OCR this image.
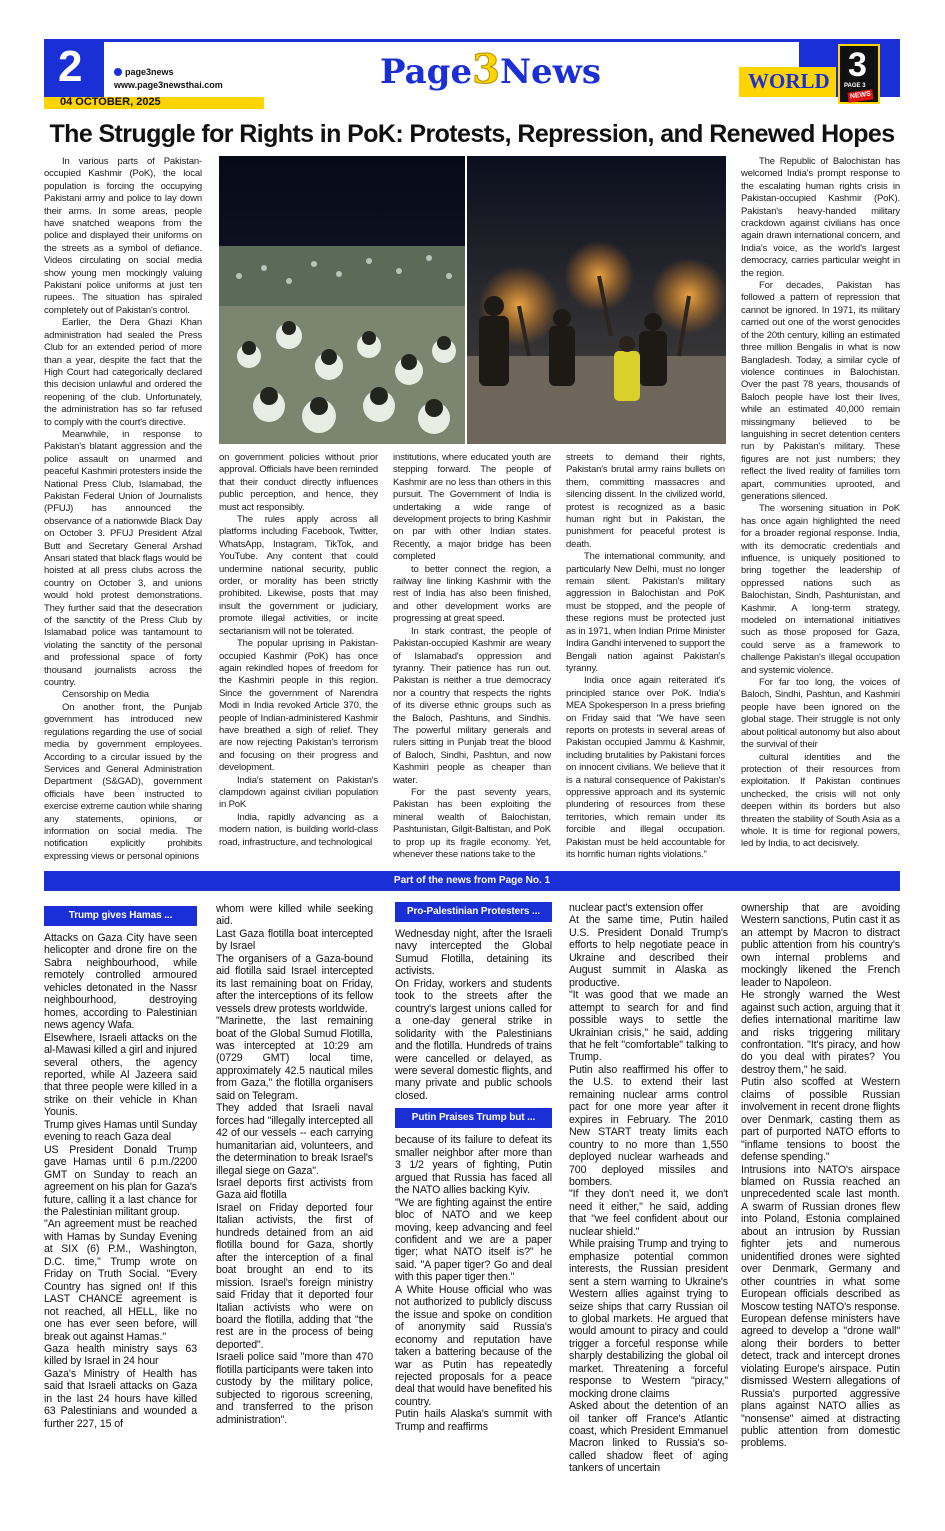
2
04 OCTOBER, 2025
page3news
www.page3newsthai.com	Page3News	WORLD 3
PAGE 3
NEWS
The Struggle for Rights in PoK: Protests, Repression, and Renewed Hopes

In various parts of Pakistan-occupied Kashmir (PoK), the local population is forcing the occupying Pakistani army and police to lay down their arms. In some areas, people have snatched weapons from the police and displayed their uniforms on the streets as a symbol of defiance. Videos circulating on social media show young men mockingly valuing Pakistani police uniforms at just ten rupees. The situation has spiraled completely out of Pakistan's control.

Earlier, the Dera Ghazi Khan administration had sealed the Press Club for an extended period of more than a year, despite the fact that the High Court had categorically declared this decision unlawful and ordered the reopening of the club. Unfortunately, the administration has so far refused to comply with the court's directive.

Meanwhile, in response to Pakistan's blatant aggression and the police assault on unarmed and peaceful Kashmiri protesters inside the National Press Club, Islamabad, the Pakistan Federal Union of Journalists (PFUJ) has announced the observance of a nationwide Black Day on October 3. PFUJ President Afzal Butt and Secretary General Arshad Ansari stated that black flags would be hoisted at all press clubs across the country on October 3, and unions would hold protest demonstrations. They further said that the desecration of the sanctity of the Press Club by Islamabad police was tantamount to violating the sanctity of the personal and professional space of forty thousand journalists across the country.

Censorship on Media

On another front, the Punjab government has introduced new regulations regarding the use of social media by government employees. According to a circular issued by the Services and General Administration Department (S&GAD), government officials have been instructed to exercise extreme caution while sharing any statements, opinions, or information on social media. The notification explicitly prohibits expressing views or personal opinions

on government policies without prior approval. Officials have been reminded that their conduct directly influences public perception, and hence, they must act responsibly.

The rules apply across all platforms including Facebook, Twitter, WhatsApp, Instagram, TikTok, and YouTube. Any content that could undermine national security, public order, or morality has been strictly prohibited. Likewise, posts that may insult the government or judiciary, promote illegal activities, or incite sectarianism will not be tolerated.

The popular uprising in Pakistan-occupied Kashmir (PoK) has once again rekindled hopes of freedom for the Kashmiri people in this region. Since the government of Narendra Modi in India revoked Article 370, the people of Indian-administered Kashmir have breathed a sigh of relief. They are now rejecting Pakistan's terrorism and focusing on their progress and development.

India's statement on Pakistan's clampdown against civilian population in PoK

India, rapidly advancing as a modern nation, is building world-class road, infrastructure, and technological

institutions, where educated youth are stepping forward. The people of Kashmir are no less than others in this pursuit. The Government of India is undertaking a wide range of development projects to bring Kashmir on par with other Indian states. Recently, a major bridge has been completed

to better connect the region, a railway line linking Kashmir with the rest of India has also been finished, and other development works are progressing at great speed.

In stark contrast, the people of Pakistan-occupied Kashmir are weary of Islamabad's oppression and tyranny. Their patience has run out. Pakistan is neither a true democracy nor a country that respects the rights of its diverse ethnic groups such as the Baloch, Pashtuns, and Sindhis. The powerful military generals and rulers sitting in Punjab treat the blood of Baloch, Sindhi, Pashtun, and now Kashmiri people as cheaper than water.

For the past seventy years, Pakistan has been exploiting the mineral wealth of Balochistan, Pashtunistan, Gilgit-Baltistan, and PoK to prop up its fragile economy. Yet, whenever these nations take to the

streets to demand their rights, Pakistan's brutal army rains bullets on them, committing massacres and silencing dissent. In the civilized world, protest is recognized as a basic human right but in Pakistan, the punishment for peaceful protest is death.

The international community, and particularly New Delhi, must no longer remain silent. Pakistan's military aggression in Balochistan and PoK must be stopped, and the people of these regions must be protected just as in 1971, when Indian Prime Minister Indira Gandhi intervened to support the Bengali nation against Pakistan's tyranny.

India once again reiterated it's principled stance over PoK. India's MEA Spokesperson In a press briefing on Friday said that "We have seen reports on protests in several areas of Pakistan occupied Jammu & Kashmir, including brutalities by Pakistani forces on innocent civilians. We believe that it is a natural consequence of Pakistan's oppressive approach and its systemic plundering of resources from these territories, which remain under its forcible and illegal occupation. Pakistan must be held accountable for its horrific human rights violations."

The Republic of Balochistan has welcomed India's prompt response to the escalating human rights crisis in Pakistan-occupied Kashmir (PoK). Pakistan's heavy-handed military crackdown against civilians has once again drawn international concern, and India's voice, as the world's largest democracy, carries particular weight in the region.

For decades, Pakistan has followed a pattern of repression that cannot be ignored. In 1971, its military carried out one of the worst genocides of the 20th century, killing an estimated three million Bengalis in what is now Bangladesh. Today, a similar cycle of violence continues in Balochistan. Over the past 78 years, thousands of Baloch people have lost their lives, while an estimated 40,000 remain missingmany believed to be languishing in secret detention centers run by Pakistan's military. These figures are not just numbers; they reflect the lived reality of families torn apart, communities uprooted, and generations silenced.

The worsening situation in PoK has once again highlighted the need for a broader regional response. India, with its democratic credentials and influence, is uniquely positioned to bring together the leadership of oppressed nations such as Balochistan, Sindh, Pashtunistan, and Kashmir. A long-term strategy, modeled on international initiatives such as those proposed for Gaza, could serve as a framework to challenge Pakistan's illegal occupation and systemic violence.

For far too long, the voices of Baloch, Sindhi, Pashtun, and Kashmiri people have been ignored on the global stage. Their struggle is not only about political autonomy but also about the survival of their

cultural identities and the protection of their resources from exploitation. If Pakistan continues unchecked, the crisis will not only deepen within its borders but also threaten the stability of South Asia as a whole. It is time for regional powers, led by India, to act decisively.

Part of the news from Page No. 1
Trump gives Hamas ...

Attacks on Gaza City have seen helicopter and drone fire on the Sabra neighbourhood, while remotely controlled armoured vehicles detonated in the Nassr neighbourhood, destroying homes, according to Palestinian news agency Wafa.

Elsewhere, Israeli attacks on the al-Mawasi killed a girl and injured several others, the agency reported, while Al Jazeera said that three people were killed in a strike on their vehicle in Khan Younis.

Trump gives Hamas until Sunday evening to reach Gaza deal

US President Donald Trump gave Hamas until 6 p.m./2200 GMT on Sunday to reach an agreement on his plan for Gaza's future, calling it a last chance for the Palestinian militant group.

"An agreement must be reached with Hamas by Sunday Evening at SIX (6) P.M., Washington, D.C. time," Trump wrote on Friday on Truth Social. "Every Country has signed on! If this LAST CHANCE agreement is not reached, all HELL, like no one has ever seen before, will break out against Hamas."

Gaza health ministry says 63 killed by Israel in 24 hour

Gaza's Ministry of Health has said that Israeli attacks on Gaza in the last 24 hours have killed 63 Palestinians and wounded a further 227, 15 of

whom were killed while seeking aid.

Last Gaza flotilla boat intercepted by Israel

The organisers of a Gaza-bound aid flotilla said Israel intercepted its last remaining boat on Friday, after the interceptions of its fellow vessels drew protests worldwide.

"Marinette, the last remaining boat of the Global Sumud Flotilla, was intercepted at 10:29 am (0729 GMT) local time, approximately 42.5 nautical miles from Gaza," the flotilla organisers said on Telegram.

They added that Israeli naval forces had "illegally intercepted all 42 of our vessels -- each carrying humanitarian aid, volunteers, and the determination to break Israel's illegal siege on Gaza".

Israel deports first activists from Gaza aid flotilla

Israel on Friday deported four Italian activists, the first of hundreds detained from an aid flotilla bound for Gaza, shortly after the interception of a final boat brought an end to its mission. Israel's foreign ministry said Friday that it deported four Italian activists who were on board the flotilla, adding that "the rest are in the process of being deported".

Israeli police said "more than 470 flotilla participants were taken into custody by the military police, subjected to rigorous screening, and transferred to the prison administration".

Pro-Palestinian Protesters ...

Wednesday night, after the Israeli navy intercepted the Global Sumud Flotilla, detaining its activists.

On Friday, workers and students took to the streets after the country's largest unions called for a one-day general strike in solidarity with the Palestinians and the flotilla. Hundreds of trains were cancelled or delayed, as were several domestic flights, and many private and public schools closed.

Putin Praises Trump but ...

because of its failure to defeat its smaller neighbor after more than 3 1/2 years of fighting, Putin argued that Russia has faced all the NATO allies backing Kyiv.

"We are fighting against the entire bloc of NATO and we keep moving, keep advancing and feel confident and we are a paper tiger; what NATO itself is?" he said. "A paper tiger? Go and deal with this paper tiger then."

A White House official who was not authorized to publicly discuss the issue and spoke on condition of anonymity said Russia's economy and reputation have taken a battering because of the war as Putin has repeatedly rejected proposals for a peace deal that would have benefited his country.

Putin hails Alaska's summit with Trump and reaffirms

nuclear pact's extension offer

At the same time, Putin hailed U.S. President Donald Trump's efforts to help negotiate peace in Ukraine and described their August summit in Alaska as productive.

"It was good that we made an attempt to search for and find possible ways to settle the Ukrainian crisis," he said, adding that he felt "comfortable" talking to Trump.

Putin also reaffirmed his offer to the U.S. to extend their last remaining nuclear arms control pact for one more year after it expires in February. The 2010 New START treaty limits each country to no more than 1,550 deployed nuclear warheads and 700 deployed missiles and bombers.

"If they don't need it, we don't need it either," he said, adding that "we feel confident about our nuclear shield."

While praising Trump and trying to emphasize potential common interests, the Russian president sent a stern warning to Ukraine's Western allies against trying to seize ships that carry Russian oil to global markets. He argued that would amount to piracy and could trigger a forceful response while sharply destabilizing the global oil market. Threatening a forceful response to Western "piracy," mocking drone claims

Asked about the detention of an oil tanker off France's Atlantic coast, which President Emmanuel Macron linked to Russia's so-called shadow fleet of aging tankers of uncertain

ownership that are avoiding Western sanctions, Putin cast it as an attempt by Macron to distract public attention from his country's own internal problems and mockingly likened the French leader to Napoleon.

He strongly warned the West against such action, arguing that it defies international maritime law and risks triggering military confrontation. "It's piracy, and how do you deal with pirates? You destroy them," he said.

Putin also scoffed at Western claims of possible Russian involvement in recent drone flights over Denmark, casting them as part of purported NATO efforts to "inflame tensions to boost the defense spending."

Intrusions into NATO's airspace blamed on Russia reached an unprecedented scale last month. A swarm of Russian drones flew into Poland, Estonia complained about an intrusion by Russian fighter jets and numerous unidentified drones were sighted over Denmark, Germany and other countries in what some European officials described as Moscow testing NATO's response. European defense ministers have agreed to develop a "drone wall" along their borders to better detect, track and intercept drones violating Europe's airspace. Putin dismissed Western allegations of Russia's purported aggressive plans against NATO allies as "nonsense" aimed at distracting public attention from domestic problems.
